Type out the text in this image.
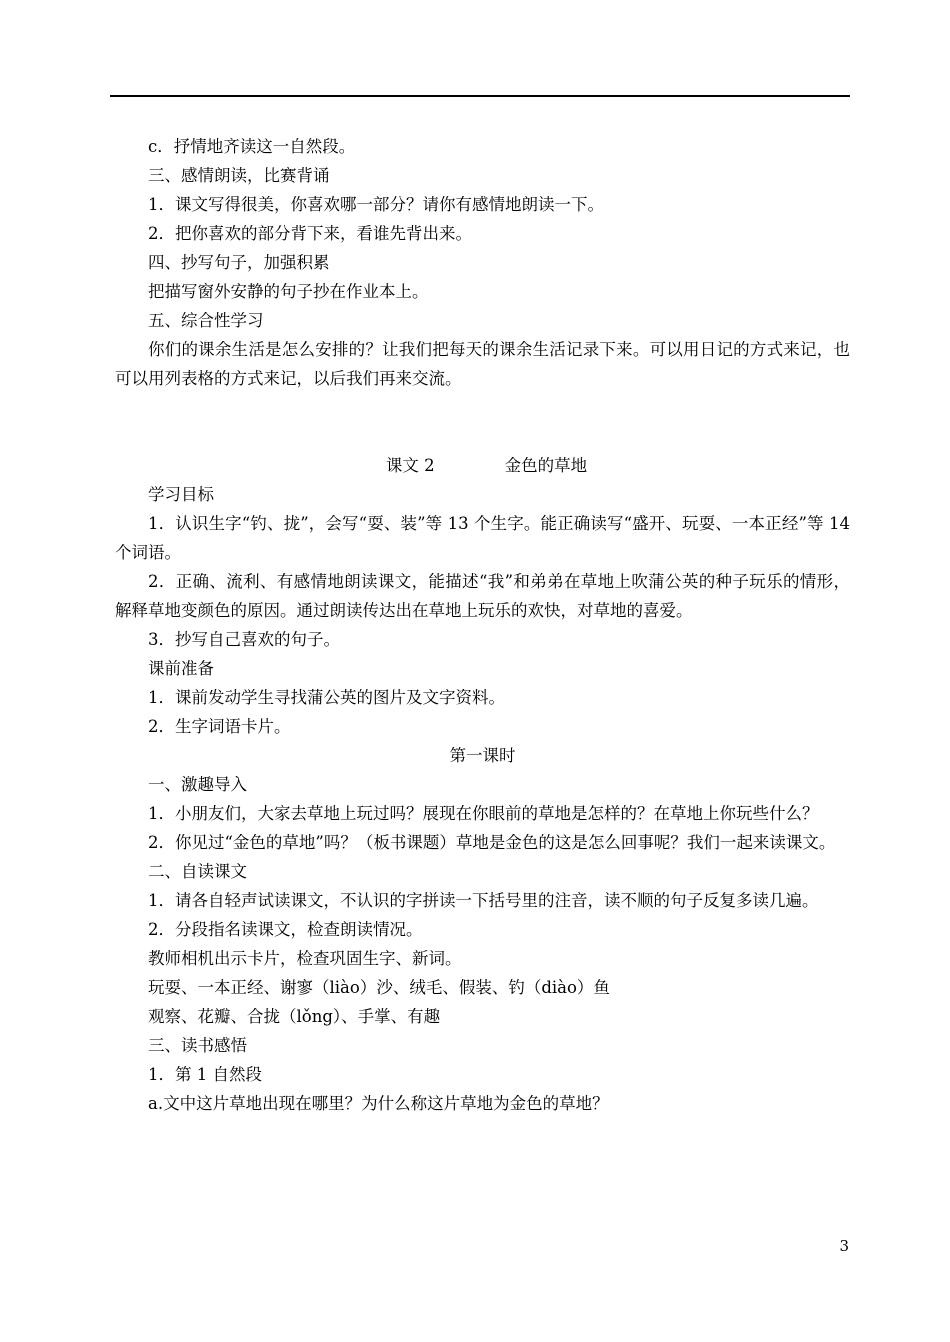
c．抒情地齐读这一自然段。

三、感情朗读，比赛背诵

1．课文写得很美，你喜欢哪一部分？请你有感情地朗读一下。

2．把你喜欢的部分背下来，看谁先背出来。

四、抄写句子，加强积累

把描写窗外安静的句子抄在作业本上。

五、综合性学习

你们的课余生活是怎么安排的？让我们把每天的课余生活记录下来。可以用日记的方式来记，也可以用列表格的方式来记，以后我们再来交流。

课文 2	金色的草地

学习目标

1．认识生字“钓、拢”，会写“耍、装”等 13 个生字。能正确读写“盛开、玩耍、一本正经”等 14 个词语。

2．正确、流利、有感情地朗读课文，能描述“我”和弟弟在草地上吹蒲公英的种子玩乐的情形，解释草地变颜色的原因。通过朗读传达出在草地上玩乐的欢快，对草地的喜爱。

3．抄写自己喜欢的句子。

课前准备

1．课前发动学生寻找蒲公英的图片及文字资料。

2．生字词语卡片。

第一课时

一、激趣导入

1．小朋友们，大家去草地上玩过吗？展现在你眼前的草地是怎样的？在草地上你玩些什么？

2．你见过“金色的草地”吗？（板书课题）草地是金色的这是怎么回事呢？我们一起来读课文。

二、自读课文

1．请各自轻声试读课文，不认识的字拼读一下括号里的注音，读不顺的句子反复多读几遍。

2．分段指名读课文，检查朗读情况。

教师相机出示卡片，检查巩固生字、新词。

玩耍、一本正经、谢寥（liào）沙、绒毛、假装、钓（diào）鱼

观察、花瓣、合拢（lǒng）、手掌、有趣

三、读书感悟

1．第 1 自然段

a.文中这片草地出现在哪里？为什么称这片草地为金色的草地？

3
